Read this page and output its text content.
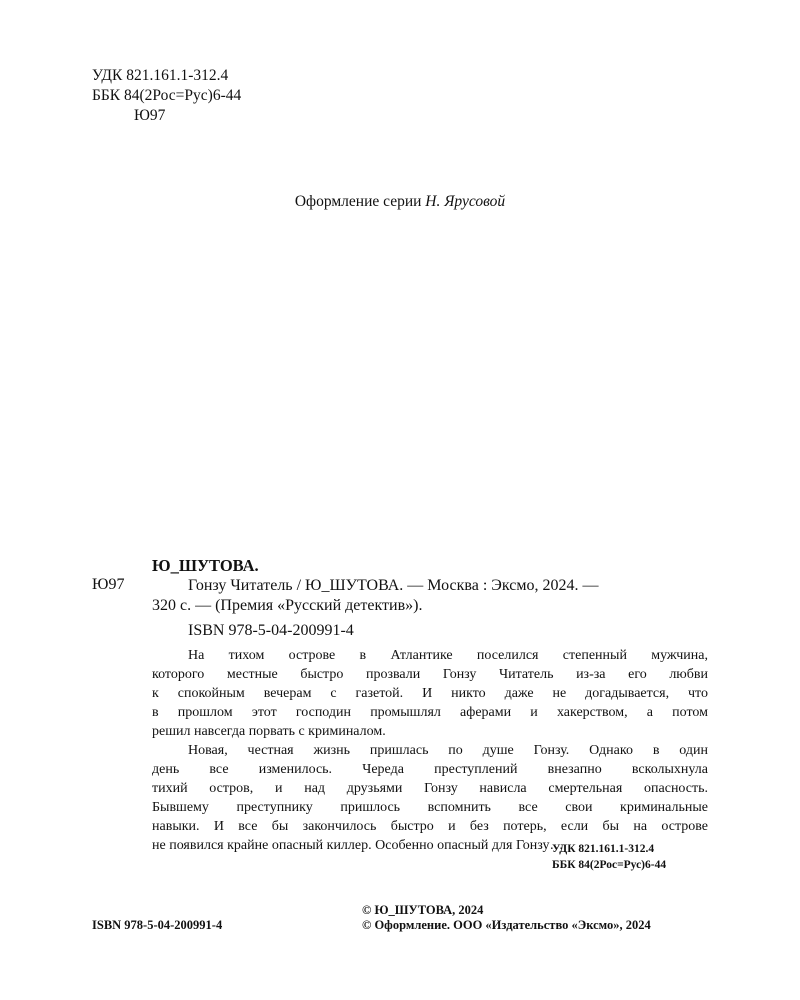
УДК 821.161.1-312.4
ББК 84(2Рос=Рус)6-44
Ю97
Оформление серии Н. Ярусовой
Ю_ШУТОВА.
Ю97	Гонзу Читатель / Ю_ШУТОВА. — Москва : Эксмо, 2024. —

320 с. — (Премия «Русский детектив»).

ISBN 978-5-04-200991-4
На тихом острове в Атлантике поселился степенный мужчина,
которого местные быстро прозвали Гонзу Читатель из-за его любви
к спокойным вечерам с газетой. И никто даже не догадывается, что
в прошлом этот господин промышлял аферами и хакерством, а потом
решил навсегда порвать с криминалом.
Новая, честная жизнь пришлась по душе Гонзу. Однако в один
день все изменилось. Череда преступлений внезапно всколыхнула
тихий остров, и над друзьями Гонзу нависла смертельная опасность.
Бывшему преступнику пришлось вспомнить все свои криминальные
навыки. И все бы закончилось быстро и без потерь, если бы на острове
не появился крайне опасный киллер. Особенно опасный для Гонзу…
УДК 821.161.1-312.4
ББК 84(2Рос=Рус)6-44
ISBN 978-5-04-200991-4
© Ю_ШУТОВА, 2024
© Оформление. ООО «Издательство «Эксмо», 2024
